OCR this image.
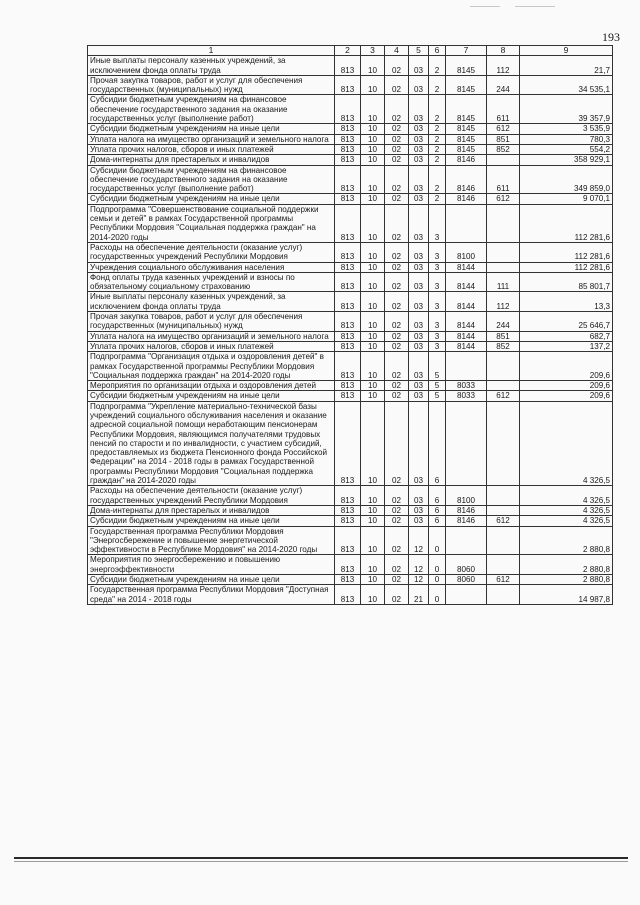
193
1	2	3	4	5	6	7	8	9
Иные выплаты персоналу казенных учреждений, за исключением фонда оплаты труда	813	10	02	03	2	8145	112	21,7
Прочая закупка товаров, работ и услуг для обеспечения государственных (муниципальных) нужд	813	10	02	03	2	8145	244	34 535,1
Субсидии бюджетным учреждениям на финансовое обеспечение государственного задания на оказание государственных услуг (выполнение работ)	813	10	02	03	2	8145	611	39 357,9
Субсидии бюджетным учреждениям на иные цели	813	10	02	03	2	8145	612	3 535,9
Уплата налога на имущество организаций и земельного налога	813	10	02	03	2	8145	851	780,3
Уплата прочих налогов, сборов и иных платежей	813	10	02	03	2	8145	852	554,2
Дома-интернаты для престарелых и инвалидов	813	10	02	03	2	8146		358 929,1
Субсидии бюджетным учреждениям на финансовое обеспечение государственного задания на оказание государственных услуг (выполнение работ)	813	10	02	03	2	8146	611	349 859,0
Субсидии бюджетным учреждениям на иные цели	813	10	02	03	2	8146	612	9 070,1
Подпрограмма "Совершенствование социальной поддержки семьи и детей" в рамках Государственной программы Республики Мордовия "Социальная поддержка граждан" на 2014-2020 годы	813	10	02	03	3			112 281,6
Расходы на обеспечение деятельности (оказание услуг) государственных учреждений Республики Мордовия	813	10	02	03	3	8100		112 281,6
Учреждения социального обслуживания населения	813	10	02	03	3	8144		112 281,6
Фонд оплаты труда казенных учреждений и взносы по обязательному социальному страхованию	813	10	02	03	3	8144	111	85 801,7
Иные выплаты персоналу казенных учреждений, за исключением фонда оплаты труда	813	10	02	03	3	8144	112	13,3
Прочая закупка товаров, работ и услуг для обеспечения государственных (муниципальных) нужд	813	10	02	03	3	8144	244	25 646,7
Уплата налога на имущество организаций и земельного налога	813	10	02	03	3	8144	851	682,7
Уплата прочих налогов, сборов и иных платежей	813	10	02	03	3	8144	852	137,2
Подпрограмма "Организация отдыха и оздоровления детей" в рамках Государственной программы Республики Мордовия "Социальная поддержка граждан" на 2014-2020 годы	813	10	02	03	5			209,6
Мероприятия по организации отдыха и оздоровления детей	813	10	02	03	5	8033		209,6
Субсидии бюджетным учреждениям на иные цели	813	10	02	03	5	8033	612	209,6
Подпрограмма "Укрепление материально-технической базы учреждений социального обслуживания населения и оказание адресной социальной помощи неработающим пенсионерам Республики Мордовия, являющимся получателями трудовых пенсий по старости и по инвалидности, с участием субсидий, предоставляемых из бюджета Пенсионного фонда Российской Федерации" на 2014 - 2018 годы в рамках Государственной программы Республики Мордовия "Социальная поддержка граждан" на 2014-2020 годы	813	10	02	03	6			4 326,5
Расходы на обеспечение деятельности (оказание услуг) государственных учреждений Республики Мордовия	813	10	02	03	6	8100		4 326,5
Дома-интернаты для престарелых и инвалидов	813	10	02	03	6	8146		4 326,5
Субсидии бюджетным учреждениям на иные цели	813	10	02	03	6	8146	612	4 326,5
Государственная программа Республики Мордовия "Энергосбережение и повышение энергетической эффективности в Республике Мордовия" на 2014-2020 годы	813	10	02	12	0			2 880,8
Мероприятия по энергосбережению и повышению энергоэффективности	813	10	02	12	0	8060		2 880,8
Субсидии бюджетным учреждениям на иные цели	813	10	02	12	0	8060	612	2 880,8
Государственная программа Республики Мордовия "Доступная среда" на 2014 - 2018 годы	813	10	02	21	0			14 987,8
